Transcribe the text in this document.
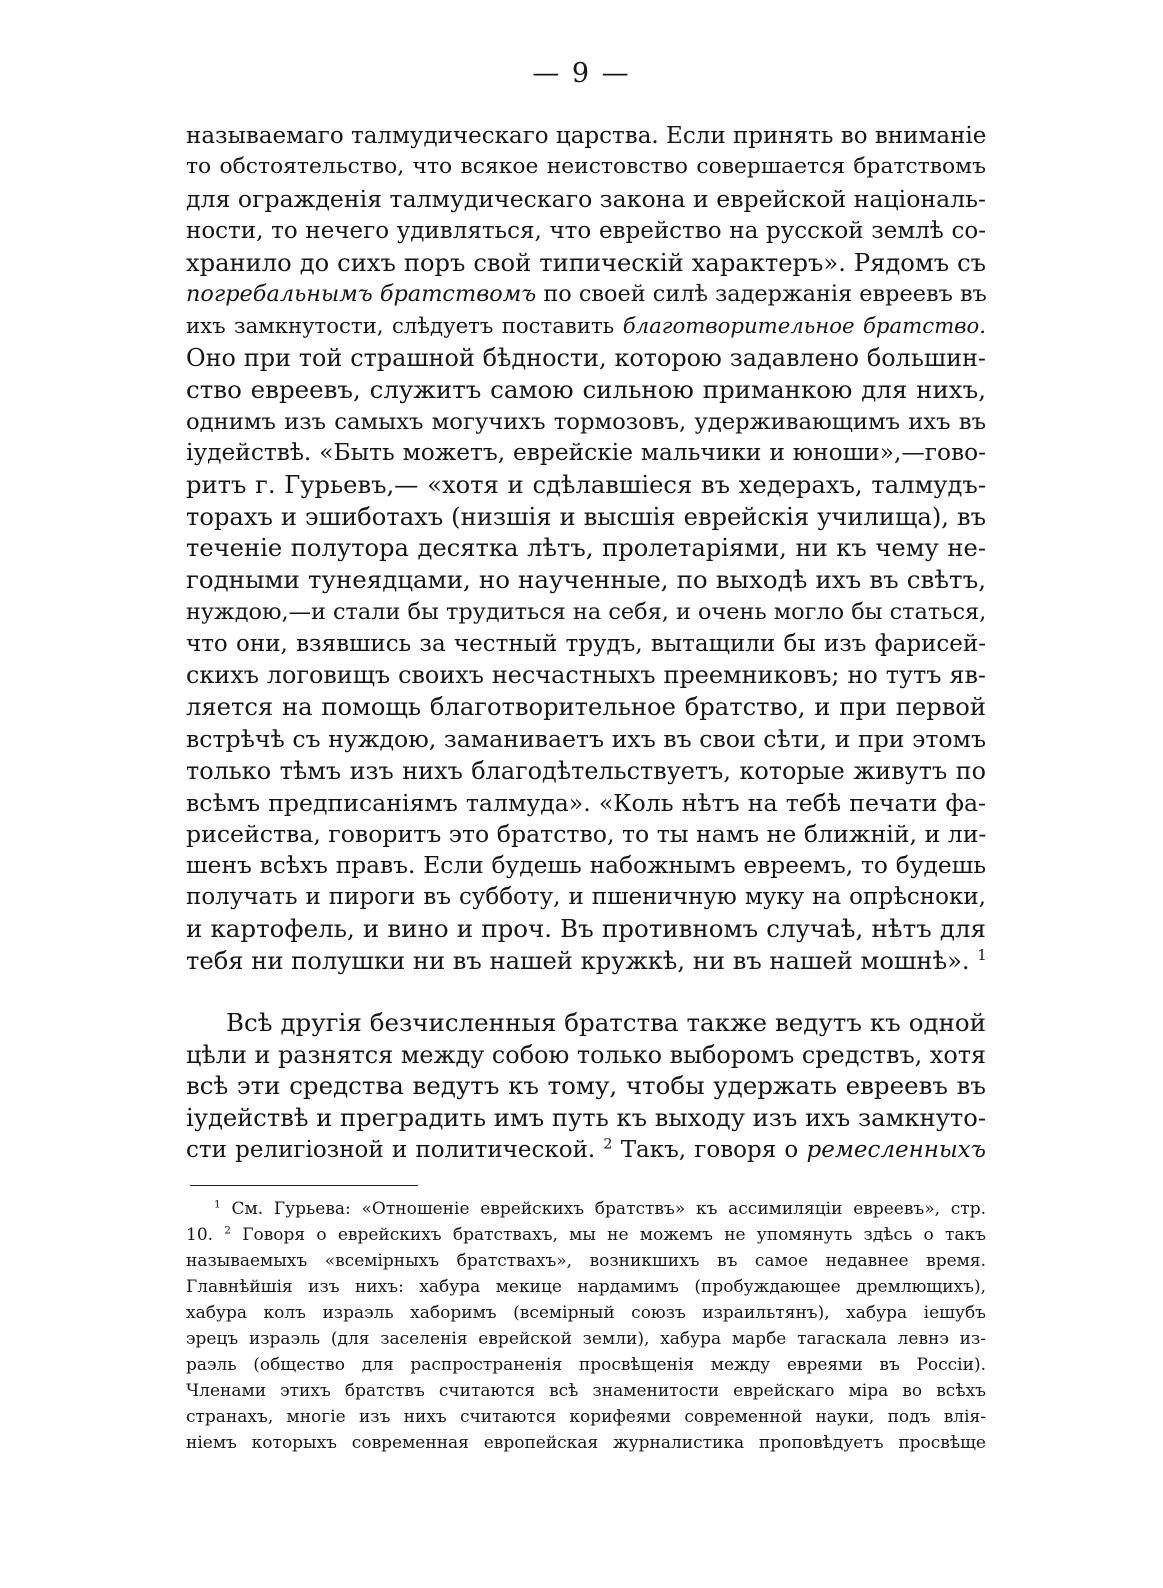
— 9 —

называемаго талмудическаго царства. Если принять во вниманіе

то обстоятельство, что всякое неистовство совершается братствомъ

для огражденія талмудическаго закона и еврейской національ-

ности, то нечего удивляться, что еврейство на русской землѣ со-

хранило до сихъ поръ свой типическій характеръ». Рядомъ съ

погребальнымъ братствомъ по своей силѣ задержанія евреевъ въ

ихъ замкнутости, слѣдуетъ поставить благотворительное братство.

Оно при той страшной бѣдности, которою задавлено большин-

ство евреевъ, служитъ самою сильною приманкою для нихъ,

однимъ изъ самыхъ могучихъ тормозовъ, удерживающимъ ихъ въ

іудействѣ. «Быть можетъ, еврейскіе мальчики и юноши»,—гово-

ритъ г. Гурьевъ,— «хотя и сдѣлавшіеся въ хедерахъ, талмудъ-

торахъ и эшиботахъ (низшія и высшія еврейскія училища), въ

теченіе полутора десятка лѣтъ, пролетаріями, ни къ чему не-

годными тунеядцами, но наученные, по выходѣ ихъ въ свѣтъ,

нуждою,—и стали бы трудиться на себя, и очень могло бы статься,

что они, взявшись за честный трудъ, вытащили бы изъ фарисей-

скихъ логовищъ своихъ несчастныхъ преемниковъ; но тутъ яв-

ляется на помощь благотворительное братство, и при первой

встрѣчѣ съ нуждою, заманиваетъ ихъ въ свои сѣти, и при этомъ

только тѣмъ изъ нихъ благодѣтельствуетъ, которые живутъ по

всѣмъ предписаніямъ талмуда». «Коль нѣтъ на тебѣ печати фа-

рисейства, говоритъ это братство, то ты намъ не ближній, и ли-

шенъ всѣхъ правъ. Если будешь набожнымъ евреемъ, то будешь

получать и пироги въ субботу, и пшеничную муку на опрѣсноки,

и картофель, и вино и проч. Въ противномъ случаѣ, нѣтъ для

тебя ни полушки ни въ нашей кружкѣ, ни въ нашей мошнѣ». $^1$

Всѣ другія безчисленныя братства также ведутъ къ одной

цѣли и разнятся между собою только выборомъ средствъ, хотя

всѣ эти средства ведутъ къ тому, чтобы удержать евреевъ въ

іудействѣ и преградить имъ путь къ выходу изъ ихъ замкнуто-

сти религіозной и политической. $^2$ Такъ, говоря о ремесленныхъ

$^1$ См. Гурьева: «Отношеніе еврейскихъ братствъ» къ ассимиляціи евреевъ», стр.

10. $^2$ Говоря о еврейскихъ братствахъ, мы не можемъ не упомянуть здѣсь о такъ

называемыхъ «всемірныхъ братствахъ», возникшихъ въ самое недавнее время.

Главнѣйшія изъ нихъ: хабура мекице нардамимъ (пробуждающее дремлющихъ),

хабура колъ израэль хаборимъ (всемірный союзъ израильтянъ), хабура іешубъ

эрецъ израэль (для заселенія еврейской земли), хабура марбе тагаскала левнэ из-

раэль (общество для распространенія просвѣщенія между евреями въ Россіи).

Членами этихъ братствъ считаются всѣ знаменитости еврейскаго міра во всѣхъ

странахъ, многіе изъ нихъ считаются корифеями современной науки, подъ влія-

ніемъ которыхъ современная европейская журналистика проповѣдуетъ просвѣще
